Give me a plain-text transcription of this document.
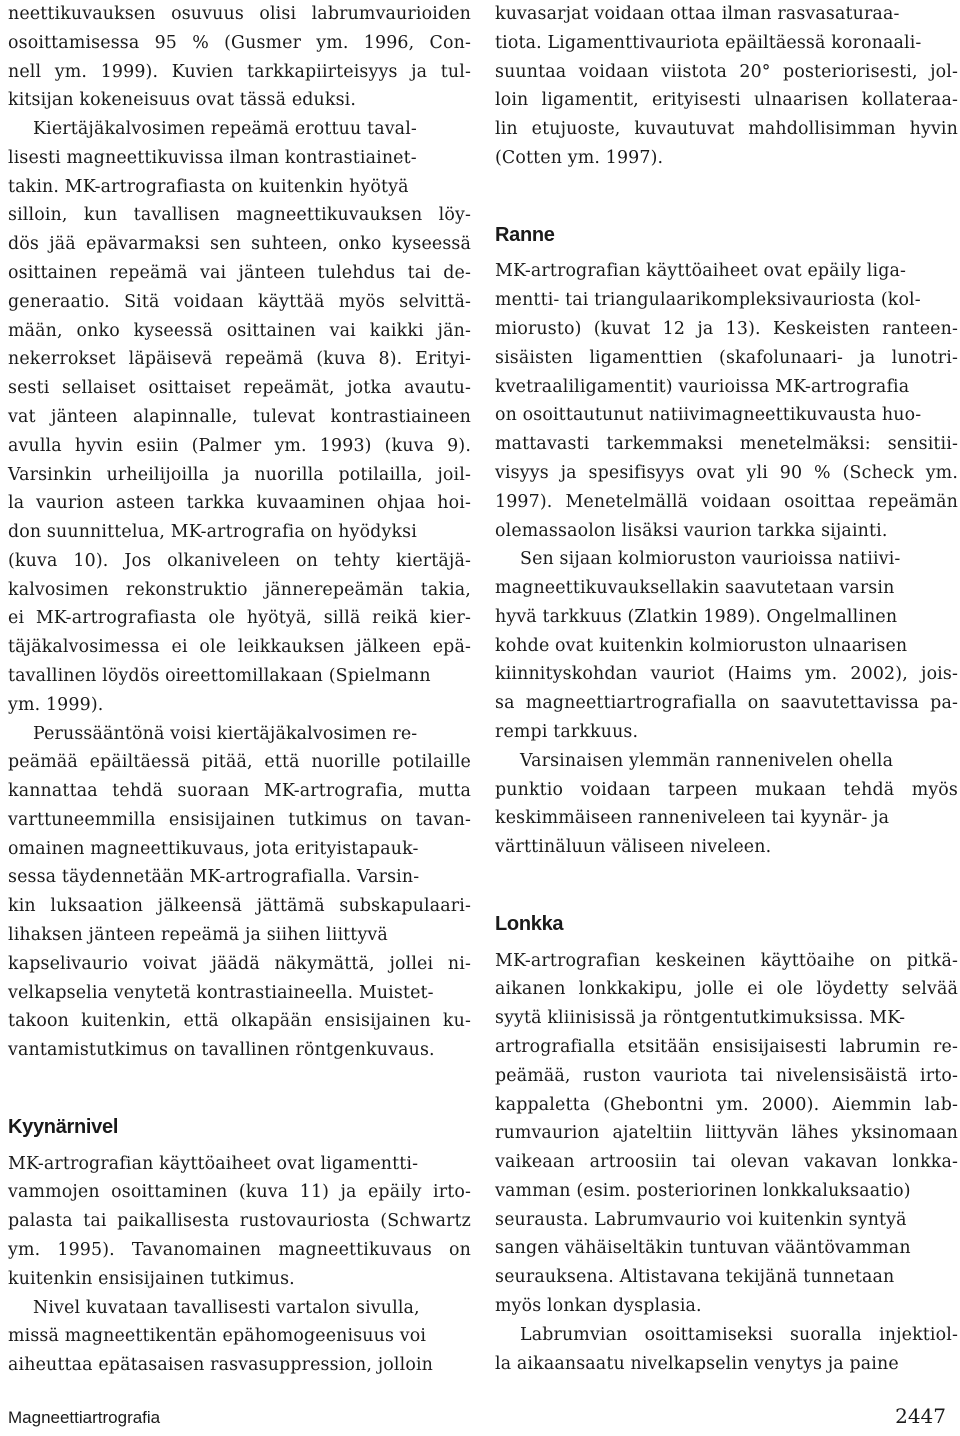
neettikuvauksen osuvuus olisi labrumvaurioiden

osoittamisessa 95 % (Gusmer ym. 1996, Con-

nell ym. 1999). Kuvien tarkkapiirteisyys ja tul-

kitsijan kokeneisuus ovat tässä eduksi.

Kiertäjäkalvosimen repeämä erottuu taval-

lisesti magneettikuvissa ilman kontrastiainet-

takin. MK-artrografiasta on kuitenkin hyötyä

silloin, kun tavallisen magneettikuvauksen löy-

dös jää epävarmaksi sen suhteen, onko kyseessä

osittainen repeämä vai jänteen tulehdus tai de-

generaatio. Sitä voidaan käyttää myös selvittä-

mään, onko kyseessä osittainen vai kaikki jän-

nekerrokset läpäisevä repeämä (kuva 8). Erityi-

sesti sellaiset osittaiset repeämät, jotka avautu-

vat jänteen alapinnalle, tulevat kontrastiaineen

avulla hyvin esiin (Palmer ym. 1993) (kuva 9).

Varsinkin urheilijoilla ja nuorilla potilailla, joil-

la vaurion asteen tarkka kuvaaminen ohjaa hoi-

don suunnittelua, MK-artrografia on hyödyksi

(kuva 10). Jos olkaniveleen on tehty kiertäjä-

kalvosimen rekonstruktio jännerepeämän takia,

ei MK-artrografiasta ole hyötyä, sillä reikä kier-

täjäkalvosimessa ei ole leikkauksen jälkeen epä-

tavallinen löydös oireettomillakaan (Spielmann

ym. 1999).

Perussääntönä voisi kiertäjäkalvosimen re-

peämää epäiltäessä pitää, että nuorille potilaille

kannattaa tehdä suoraan MK-artrografia, mutta

varttuneemmilla ensisijainen tutkimus on tavan-

omainen magneettikuvaus, jota erityistapauk-

sessa täydennetään MK-artrografialla. Varsin-

kin luksaation jälkeensä jättämä subskapulaari-

lihaksen jänteen repeämä ja siihen liittyvä

kapselivaurio voivat jäädä näkymättä, jollei ni-

velkapselia venytetä kontrastiaineella. Muistet-

takoon kuitenkin, että olkapään ensisijainen ku-

vantamistutkimus on tavallinen röntgenkuvaus.

Kyynärnivel

MK-artrografian käyttöaiheet ovat ligamentti-

vammojen osoittaminen (kuva 11) ja epäily irto-

palasta tai paikallisesta rustovauriosta (Schwartz

ym. 1995). Tavanomainen magneettikuvaus on

kuitenkin ensisijainen tutkimus.

Nivel kuvataan tavallisesti vartalon sivulla,

missä magneettikentän epähomogeenisuus voi

aiheuttaa epätasaisen rasvasuppression, jolloin

kuvasarjat voidaan ottaa ilman rasvasaturaa-

tiota. Ligamenttivauriota epäiltäessä koronaali-

suuntaa voidaan viistota 20° posteriorisesti, jol-

loin ligamentit, erityisesti ulnaarisen kollateraa-

lin etujuoste, kuvautuvat mahdollisimman hyvin

(Cotten ym. 1997).

Ranne

MK-artrografian käyttöaiheet ovat epäily liga-

mentti- tai triangulaarikompleksivauriosta (kol-

miorusto) (kuvat 12 ja 13). Keskeisten ranteen-

sisäisten ligamenttien (skafolunaari- ja lunotri-

kvetraaliligamentit) vaurioissa MK-artrografia

on osoittautunut natiivimagneettikuvausta huo-

mattavasti tarkemmaksi menetelmäksi: sensitii-

visyys ja spesifisyys ovat yli 90 % (Scheck ym.

1997). Menetelmällä voidaan osoittaa repeämän

olemassaolon lisäksi vaurion tarkka sijainti.

Sen sijaan kolmioruston vaurioissa natiivi-

magneettikuvauksellakin saavutetaan varsin

hyvä tarkkuus (Zlatkin 1989). Ongelmallinen

kohde ovat kuitenkin kolmioruston ulnaarisen

kiinnityskohdan vauriot (Haims ym. 2002), jois-

sa magneettiartrografialla on saavutettavissa pa-

rempi tarkkuus.

Varsinaisen ylemmän rannenivelen ohella

punktio voidaan tarpeen mukaan tehdä myös

keskimmäiseen ranneniveleen tai kyynär- ja

värttinäluun väliseen niveleen.

Lonkka

MK-artrografian keskeinen käyttöaihe on pitkä-

aikanen lonkkakipu, jolle ei ole löydetty selvää

syytä kliinisissä ja röntgentutkimuksissa. MK-

artrografialla etsitään ensisijaisesti labrumin re-

peämää, ruston vauriota tai nivelensisäistä irto-

kappaletta (Ghebontni ym. 2000). Aiemmin lab-

rumvaurion ajateltiin liittyvän lähes yksinomaan

vaikeaan artroosiin tai olevan vakavan lonkka-

vamman (esim. posteriorinen lonkkaluksaatio)

seurausta. Labrumvaurio voi kuitenkin syntyä

sangen vähäiseltäkin tuntuvan vääntövamman

seurauksena. Altistavana tekijänä tunnetaan

myös lonkan dysplasia.

Labrumvian osoittamiseksi suoralla injektiol-

la aikaansaatu nivelkapselin venytys ja paine

Magneettiartrografia	2447
